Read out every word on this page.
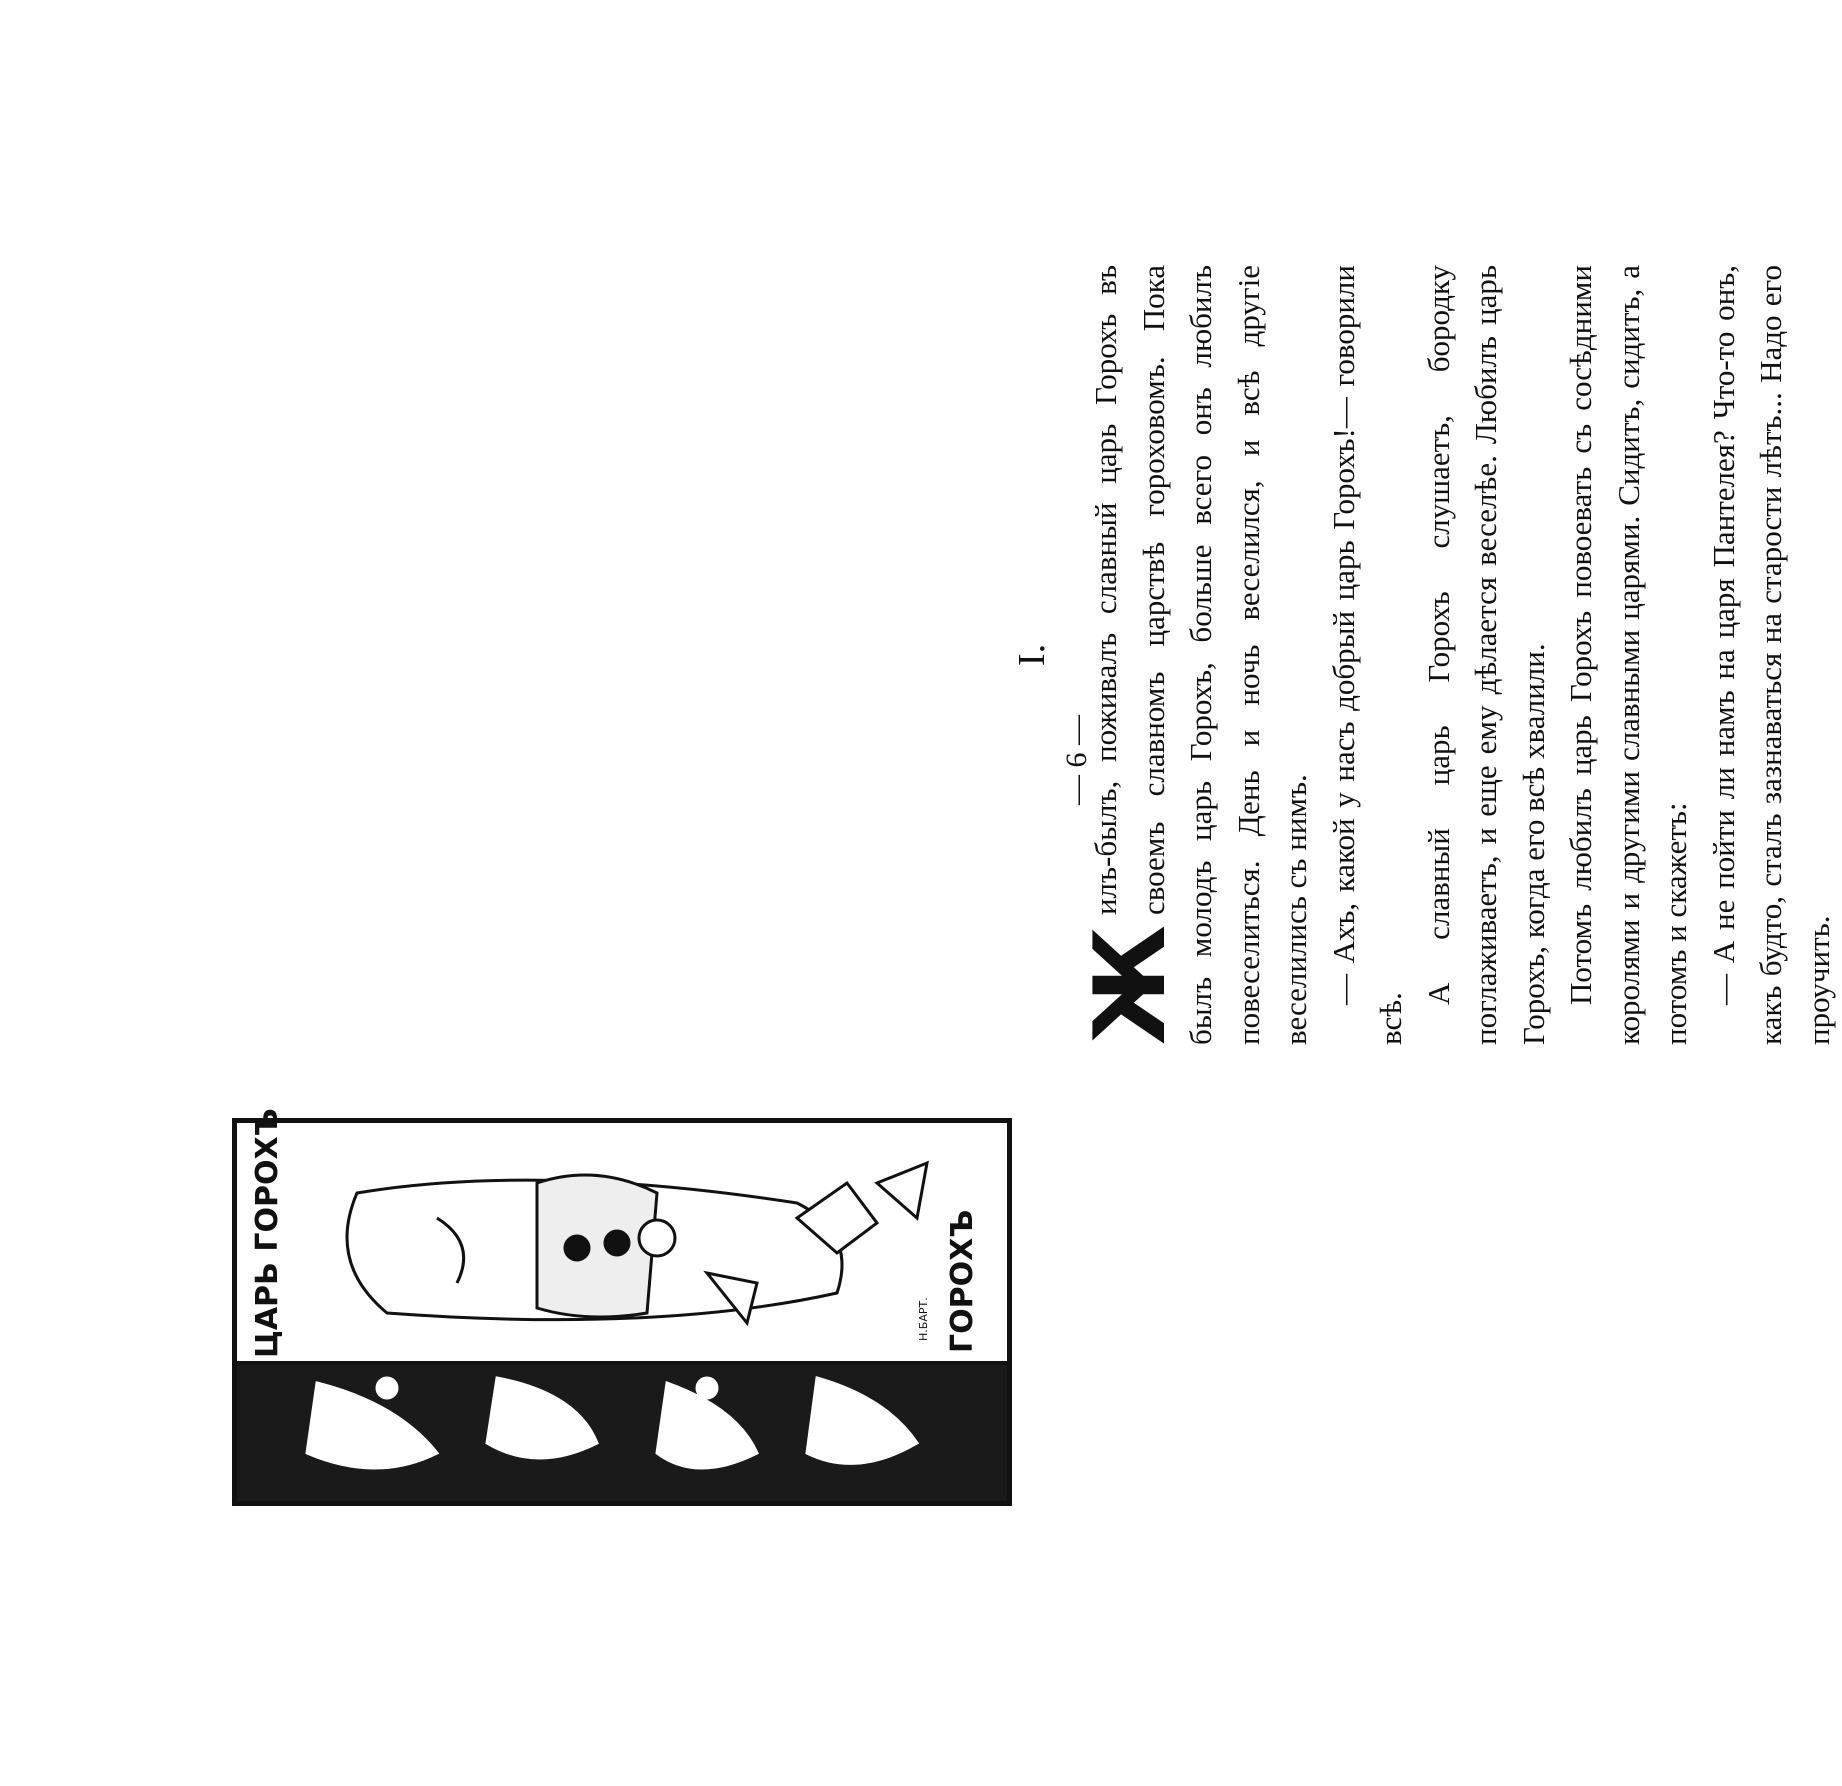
I.

Ж
илъ-былъ, поживалъ славный царь Горохъ въ своемъ славномъ царствѣ гороховомъ. Пока былъ молодъ царь Горохъ, больше всего онъ любилъ повеселиться. День и ночь веселился, и всѣ другіе веселились съ нимъ. — Ахъ, какой у насъ добрый царь Горохъ!— говорили всѣ.

А славный царь Горохъ слушаетъ, бородку поглаживаетъ, и еще ему дѣлается веселѣе. Любилъ царь Горохъ, когда его всѣ хвалили. Потомъ любилъ царь Горохъ повоевать съ сосѣдними королями и другими славными царями. Сидитъ, сидитъ, а потомъ и скажетъ: — А не пойти ли намъ на царя Пантелея? Что-то онъ, какъ будто, сталъ зазнаваться на старости лѣтъ... Надо его проучить.

— 6 —
ГОРОХЪ
ЦАРЬ ГОРОХЪ	Н.БАРТ.
